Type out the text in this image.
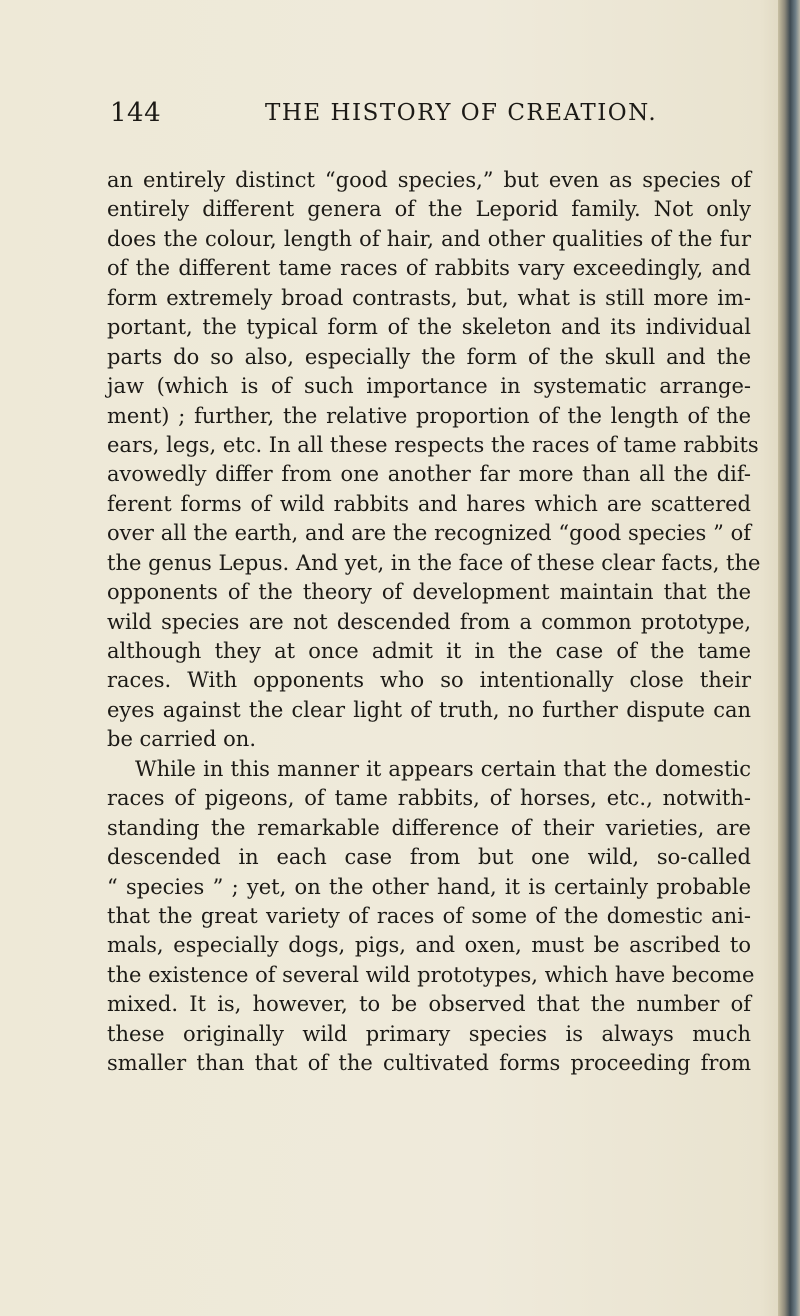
144	THE HISTORY OF CREATION.
an entirely distinct “good species,” but even as species of
entirely different genera of the Leporid family. Not only
does the colour, length of hair, and other qualities of the fur
of the different tame races of rabbits vary exceedingly, and
form extremely broad contrasts, but, what is still more im-
portant, the typical form of the skeleton and its individual
parts do so also, especially the form of the skull and the
jaw (which is of such importance in systematic arrange-
ment) ; further, the relative proportion of the length of the
ears, legs, etc. In all these respects the races of tame rabbits
avowedly differ from one another far more than all the dif-
ferent forms of wild rabbits and hares which are scattered
over all the earth, and are the recognized “good species ” of
the genus Lepus. And yet, in the face of these clear facts, the
opponents of the theory of development maintain that the
wild species are not descended from a common prototype,
although they at once admit it in the case of the tame
races. With opponents who so intentionally close their
eyes against the clear light of truth, no further dispute can
be carried on.
While in this manner it appears certain that the domestic
races of pigeons, of tame rabbits, of horses, etc., notwith-
standing the remarkable difference of their varieties, are
descended in each case from but one wild, so-called
“ species ” ; yet, on the other hand, it is certainly probable
that the great variety of races of some of the domestic ani-
mals, especially dogs, pigs, and oxen, must be ascribed to
the existence of several wild prototypes, which have become
mixed. It is, however, to be observed that the number of
these originally wild primary species is always much
smaller than that of the cultivated forms proceeding from
